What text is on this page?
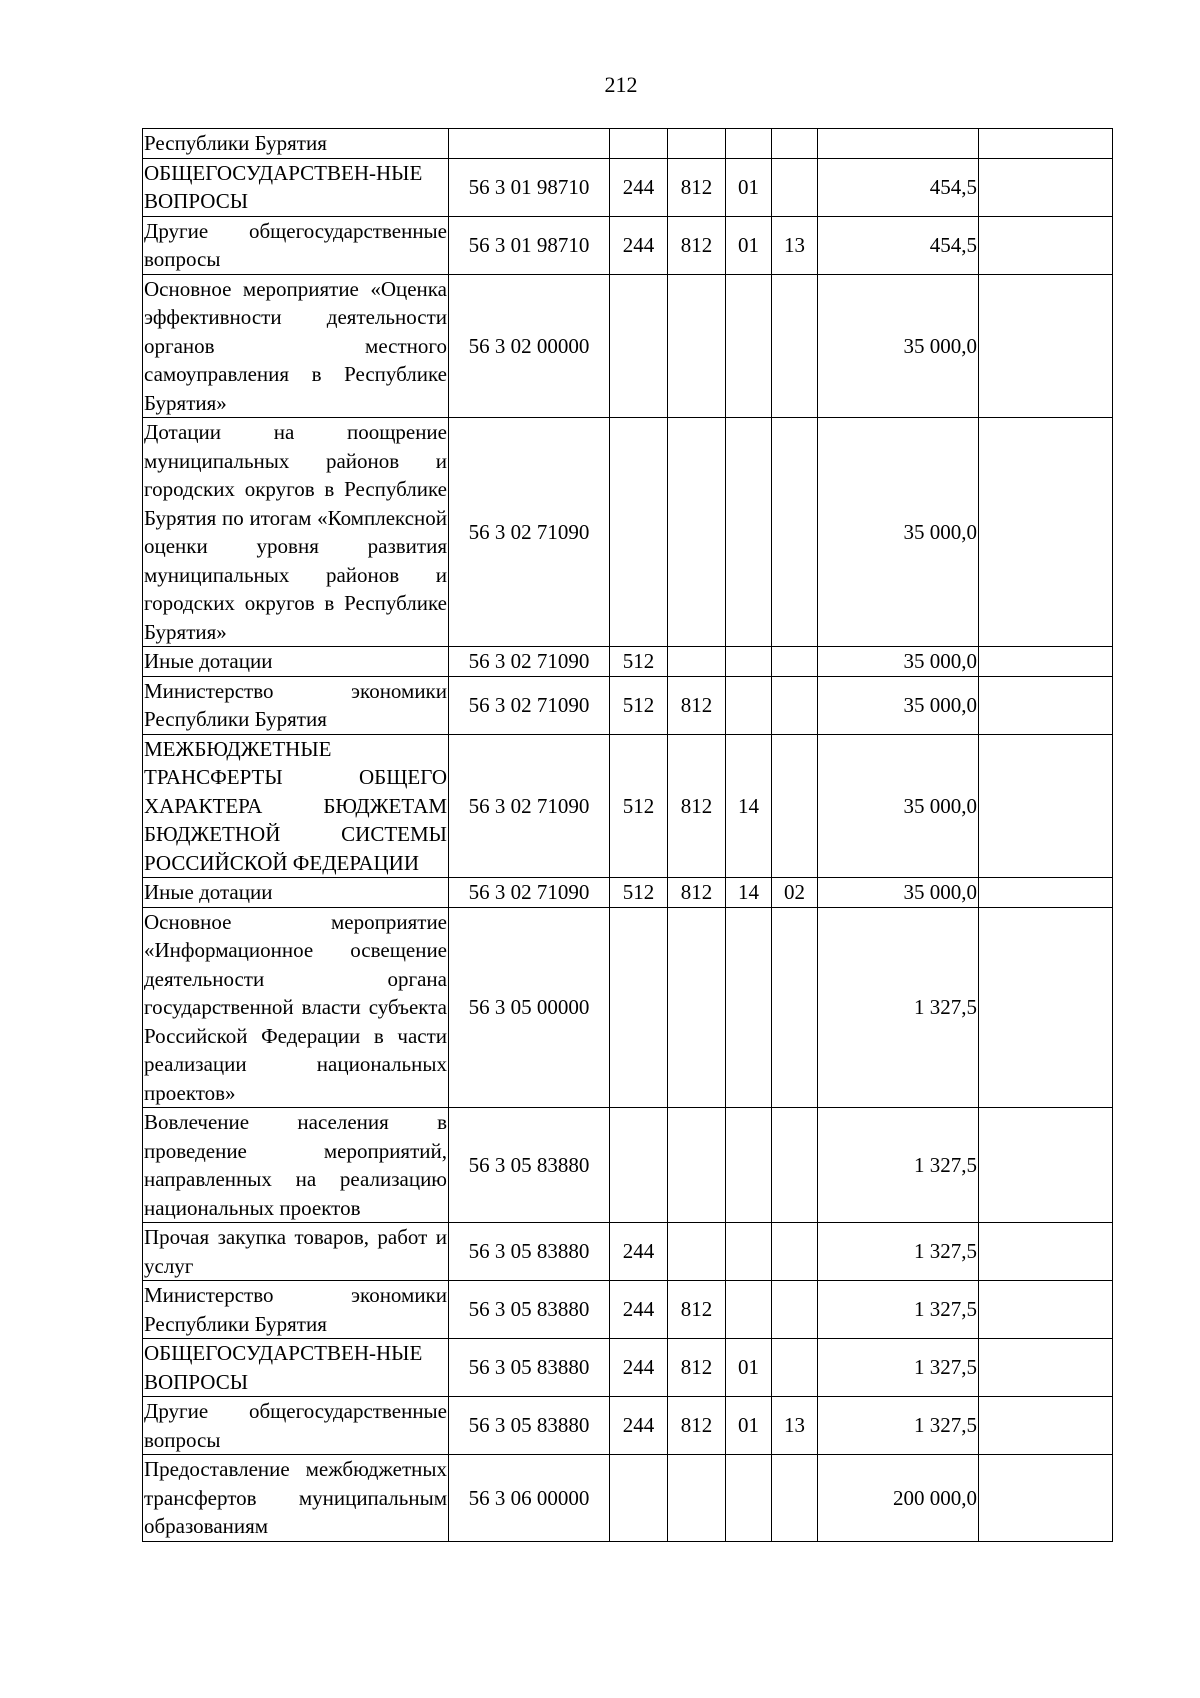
212
Республики Бурятия							
ОБЩЕГОСУДАРСТВЕН-НЫЕ ВОПРОСЫ	56 3 01 98710	244	812	01		454,5	
Другие общегосударственные вопросы	56 3 01 98710	244	812	01	13	454,5	
Основное мероприятие «Оценка эффективности деятельности органов местного самоуправления в Республике Бурятия»	56 3 02 00000					35 000,0	
Дотации на поощрение муниципальных районов и городских округов в Республике Бурятия по итогам «Комплексной оценки уровня развития муниципальных районов и городских округов в Республике Бурятия»	56 3 02 71090					35 000,0	
Иные дотации	56 3 02 71090	512				35 000,0	
Министерство экономики Республики Бурятия	56 3 02 71090	512	812			35 000,0	
МЕЖБЮДЖЕТНЫЕ ТРАНСФЕРТЫ ОБЩЕГО ХАРАКТЕРА БЮДЖЕТАМ БЮДЖЕТНОЙ СИСТЕМЫ РОССИЙСКОЙ ФЕДЕРАЦИИ	56 3 02 71090	512	812	14		35 000,0	
Иные дотации	56 3 02 71090	512	812	14	02	35 000,0	
Основное мероприятие «Информационное освещение деятельности органа государственной власти субъекта Российской Федерации в части реализации национальных проектов»	56 3 05 00000					1 327,5	
Вовлечение населения в проведение мероприятий, направленных на реализацию национальных проектов	56 3 05 83880					1 327,5	
Прочая закупка товаров, работ и услуг	56 3 05 83880	244				1 327,5	
Министерство экономики Республики Бурятия	56 3 05 83880	244	812			1 327,5	
ОБЩЕГОСУДАРСТВЕН-НЫЕ ВОПРОСЫ	56 3 05 83880	244	812	01		1 327,5	
Другие общегосударственные вопросы	56 3 05 83880	244	812	01	13	1 327,5	
Предоставление межбюджетных трансфертов муниципальным образованиям	56 3 06 00000					200 000,0	
